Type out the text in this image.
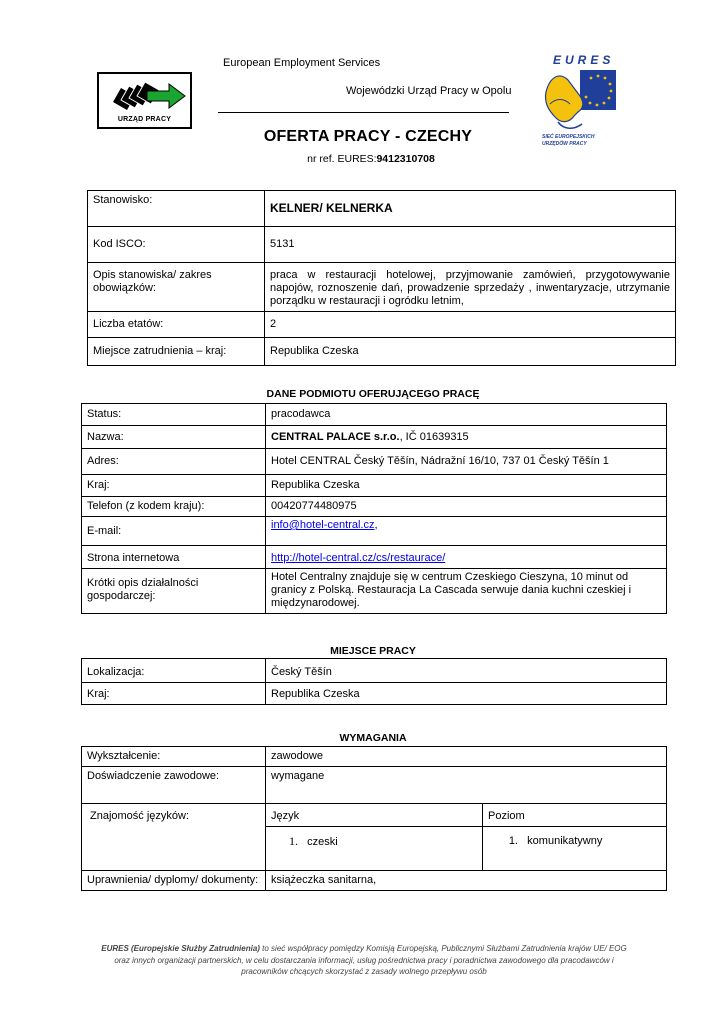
European Employment Services
Wojewódzki Urząd Pracy w Opolu
OFERTA PRACY - CZECHY
nr ref. EURES:  9412310708
URZĄD PRACY
EURES
SIEĆ EUROPEJSKICH
URZĘDÓW PRACY
Stanowisko:	KELNER/ KELNERKA
Kod ISCO:	5131
Opis stanowiska/ zakres obowiązków:	praca w restauracji hotelowej, przyjmowanie zamówień, przygotowywanie napojów, roznoszenie dań, prowadzenie sprzedaży , inwentaryzacje, utrzymanie porządku w restauracji i ogródku letnim,
Liczba etatów:	2
Miejsce zatrudnienia – kraj:	Republika Czeska
DANE PODMIOTU OFERUJĄCEGO PRACĘ
Status:	pracodawca
Nazwa:	CENTRAL PALACE s.r.o., IČ 01639315
Adres:	Hotel CENTRAL Český Těšín, Nádražní 16/10, 737 01 Český Těšín 1
Kraj:	Republika Czeska
Telefon (z kodem kraju):	00420774480975
E-mail:	info@hotel-central.cz,
Strona internetowa	http://hotel-central.cz/cs/restaurace/
Krótki opis działalności gospodarczej:	Hotel Centralny znajduje się w centrum Czeskiego Cieszyna, 10 minut od granicy z Polską. Restauracja La Cascada serwuje dania kuchni czeskiej i międzynarodowej.
MIEJSCE PRACY
Lokalizacja:	Český Těšín
Kraj:	Republika Czeska
WYMAGANIA
Wykształcenie:	zawodowe	
Doświadczenie zawodowe:	wymagane	
Znajomość języków:	Język	Poziom
	1. czeski	1. komunikatywny
Uprawnienia/ dyplomy/ dokumenty:	książeczka sanitarna,	
EURES (Europejskie Służby Zatrudnienia) to sieć współpracy pomiędzy Komisją Europejską, Publicznymi Służbami Zatrudnienia krajów UE/ EOG
oraz innych organizacji partnerskich, w celu dostarczania informacji, usług pośrednictwa pracy i poradnictwa zawodowego dla pracodawców i
pracowników chcących skorzystać z zasady wolnego przepływu osób
